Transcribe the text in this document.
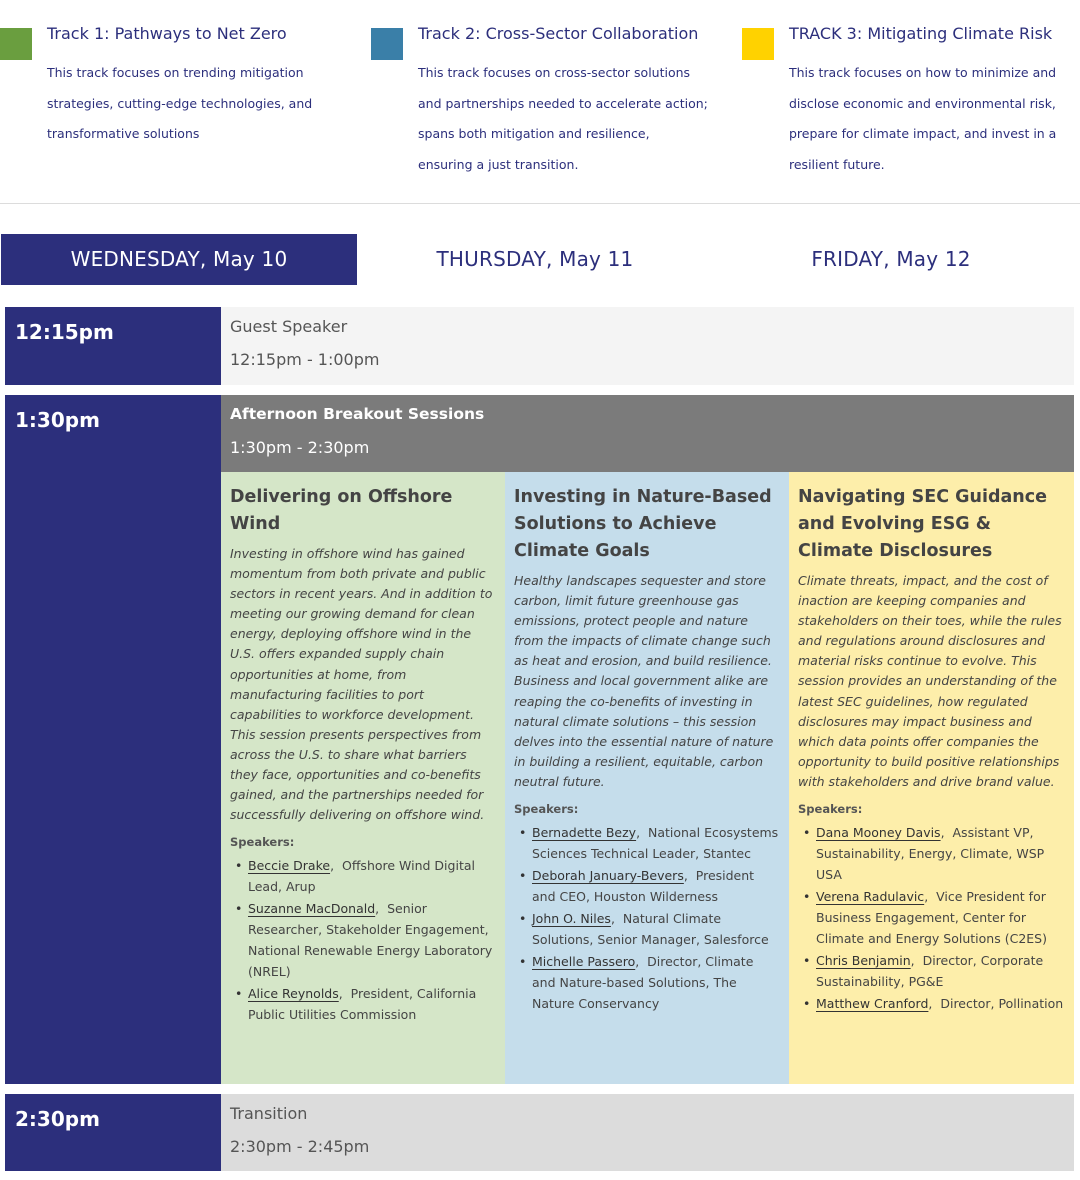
Track 1: Pathways to Net Zero
This track focuses on trending mitigation strategies, cutting-edge technologies, and transformative solutions
Track 2: Cross-Sector Collaboration
This track focuses on cross-sector solutions and partnerships needed to accelerate action; spans both mitigation and resilience, ensuring a just transition.
TRACK 3: Mitigating Climate Risk
This track focuses on how to minimize and disclose economic and environmental risk, prepare for climate impact, and invest in a resilient future.
WEDNESDAY, May 10	THURSDAY, May 11	FRIDAY, May 12
12:15pm	Guest Speaker
12:15pm - 1:00pm
1:30pm	Afternoon Breakout Sessions
1:30pm - 2:30pm
Delivering on Offshore Wind
Investing in offshore wind has gained momentum from both private and public sectors in recent years. And in addition to meeting our growing demand for clean energy, deploying offshore wind in the U.S. offers expanded supply chain opportunities at home, from manufacturing facilities to port capabilities to workforce development. This session presents perspectives from across the U.S. to share what barriers they face, opportunities and co-benefits gained, and the partnerships needed for successfully delivering on offshore wind.
Speakers:
• Beccie Drake,  Offshore Wind Digital Lead, Arup
• Suzanne MacDonald,  Senior Researcher, Stakeholder Engagement, National Renewable Energy Laboratory (NREL)
• Alice Reynolds,  President, California Public Utilities Commission
Investing in Nature-Based Solutions to Achieve Climate Goals
Healthy landscapes sequester and store carbon, limit future greenhouse gas emissions, protect people and nature from the impacts of climate change such as heat and erosion, and build resilience. Business and local government alike are reaping the co-benefits of investing in natural climate solutions – this session delves into the essential nature of nature in building a resilient, equitable, carbon neutral future.
Speakers:
• Bernadette Bezy,  National Ecosystems Sciences Technical Leader, Stantec
• Deborah January-Bevers,  President and CEO, Houston Wilderness
• John O. Niles,  Natural Climate Solutions, Senior Manager, Salesforce
• Michelle Passero,  Director, Climate and Nature-based Solutions, The Nature Conservancy
Navigating SEC Guidance and Evolving ESG & Climate Disclosures
Climate threats, impact, and the cost of inaction are keeping companies and stakeholders on their toes, while the rules and regulations around disclosures and material risks continue to evolve. This session provides an understanding of the latest SEC guidelines, how regulated disclosures may impact business and which data points offer companies the opportunity to build positive relationships with stakeholders and drive brand value.
Speakers:
• Dana Mooney Davis,  Assistant VP, Sustainability, Energy, Climate, WSP USA
• Verena Radulavic,  Vice President for Business Engagement, Center for Climate and Energy Solutions (C2ES)
• Chris Benjamin,  Director, Corporate Sustainability, PG&E
• Matthew Cranford,  Director, Pollination
2:30pm	Transition
2:30pm - 2:45pm
